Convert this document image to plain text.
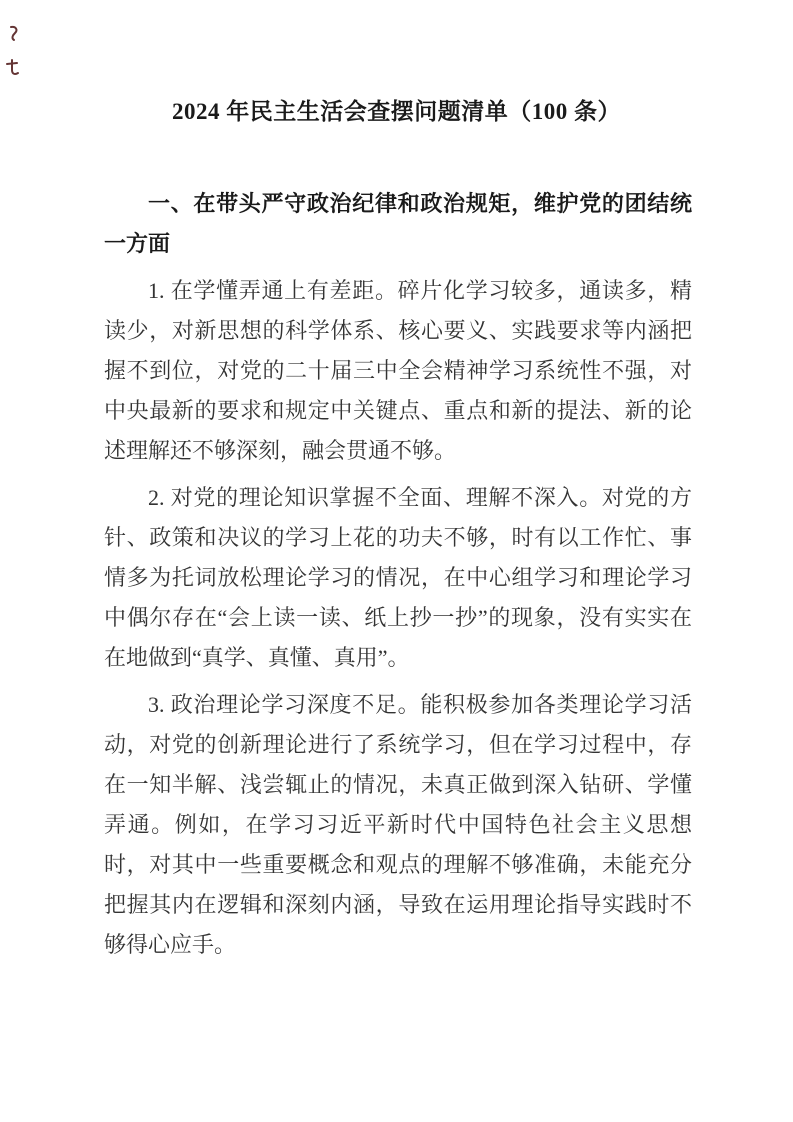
2024 年民主生活会查摆问题清单（100 条）

一、在带头严守政治纪律和政治规矩，维护党的团结统一方面

1. 在学懂弄通上有差距。碎片化学习较多，通读多，精读少，对新思想的科学体系、核心要义、实践要求等内涵把握不到位，对党的二十届三中全会精神学习系统性不强，对中央最新的要求和规定中关键点、重点和新的提法、新的论述理解还不够深刻，融会贯通不够。

2. 对党的理论知识掌握不全面、理解不深入。对党的方针、政策和决议的学习上花的功夫不够，时有以工作忙、事情多为托词放松理论学习的情况，在中心组学习和理论学习中偶尔存在“会上读一读、纸上抄一抄”的现象，没有实实在在地做到“真学、真懂、真用”。

3. 政治理论学习深度不足。能积极参加各类理论学习活动，对党的创新理论进行了系统学习，但在学习过程中，存在一知半解、浅尝辄止的情况，未真正做到深入钻研、学懂弄通。例如，在学习习近平新时代中国特色社会主义思想时，对其中一些重要概念和观点的理解不够准确，未能充分把握其内在逻辑和深刻内涵，导致在运用理论指导实践时不够得心应手。
